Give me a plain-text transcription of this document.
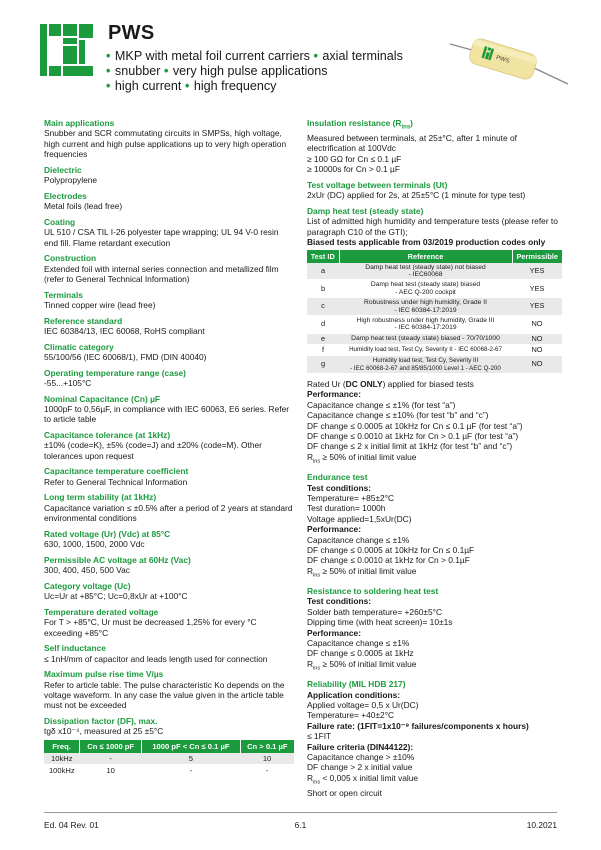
PWS
• MKP with metal foil current carriers • axial terminals
• snubber • very high pulse applications
• high current • high frequency
PWS
Main applications
Snubber and SCR commutating circuits in SMPSs, high voltage, high current and high pulse applications up to very high operation frequencies
Dielectric
Polypropylene
Electrodes
Metal foils (lead free)
Coating
UL 510 / CSA TIL I-26 polyester tape wrapping; UL 94 V-0 resin end fill. Flame retardant execution
Construction
Extended foil with internal series connection and metallized film (refer to General Technical Information)
Terminals
Tinned copper wire (lead free)
Reference standard
IEC 60384/13, IEC 60068, RoHS compliant
Climatic category
55/100/56 (IEC 60068/1), FMD (DIN 40040)
Operating temperature range (case)
-55...+105°C
Nominal Capacitance (Cn) µF
1000pF to 0,56µF, in compliance with IEC 60063, E6 series. Refer to article table
Capacitance tolerance (at 1kHz)
±10% (code=K), ±5% (code=J) and ±20% (code=M). Other tolerances upon request
Capacitance temperature coefficient
Refer to General Technical Information
Long term stability (at 1kHz)
Capacitance variation ≤ ±0.5% after a period of 2 years at standard environmental conditions
Rated voltage (Ur) (Vdc) at 85°C
630, 1000, 1500, 2000 Vdc
Permissible AC voltage at 60Hz (Vac)
300, 400, 450, 500 Vac
Category voltage (Uc)
Uc=Ur at +85°C; Uc=0,8xUr at +100°C
Temperature derated voltage
For T > +85°C, Ur must be decreased 1,25% for every °C exceeding +85°C
Self inductance
≤ 1nH/mm of capacitor and leads length used for connection
Maximum pulse rise time V/µs
Refer to article table. The pulse characteristic Ko depends on the voltage waveform. In any case the value given in the article table must not be exceeded
Dissipation factor (DF), max.
tgδ x10⁻⁴, measured at 25 ±5°C
Freq.	Cn ≤ 1000 pF	1000 pF < Cn ≤ 0.1 µF	Cn > 0.1 µF
10kHz	-	5	10
100kHz	10	-	-
Insulation resistance $(R_{ins})$
Measured between terminals, at 25±°C, after 1 minute of electrification at 100Vdc
≥ 100 GΩ for Cn ≤ 0.1 µF
≥ 10000s for Cn > 0.1 µF
Test voltage between terminals (Ut)
2xUr (DC) applied for 2s, at 25±5°C (1 minute for type test)
Damp heat test (steady state)
List of admitted high humidity and temperature tests (please refer to paragraph C10 of the GTI);
Biased tests applicable from 03/2019 production codes only
Test ID	Reference	Permissible
a	Damp heat test (steady state) not biased
- IEC60068	YES
b	Damp heat test (steady state) biased
- AEC Q-200 cockpit	YES
c	Robustness under high humidity, Grade II
- IEC 60384-17:2019	YES
d	High robustness under high humidity, Grade III
- IEC 60384-17:2019	NO
e	Damp heat test (steady state) biased - 70/70/1000	NO
f	Humidity load test, Test Cy, Severity II - IEC 60068-2-67	NO
g	Humidity load test, Test Cy, Severity III
- IEC 60068-2-67 and 85/85/1000 Level 1 - AEC Q-200	NO
Rated Ur (DC ONLY) applied for biased tests
Performance:
Capacitance change ≤ ±1% (for test “a”)
Capacitance change ≤ ±10% (for test “b” and “c”)
DF change ≤ 0.0005 at 10kHz for Cn ≤ 0.1 µF (for test “a”)
DF change ≤ 0.0010 at 1kHz for Cn > 0.1 µF (for test “a”)
DF change ≤ 2 x initial limit at 1kHz (for test “b” and “c”)
$R_{ins} \ge 50\%$ of initial limit value
Endurance test
Test conditions:
Temperature= +85±2°C
Test duration= 1000h
Voltage applied=1,5xUr(DC)
Performance:
Capacitance change ≤ ±1%
DF change ≤ 0.0005 at 10kHz for Cn ≤ 0.1µF
DF change ≤ 0.0010 at 1kHz for Cn > 0.1µF
$R_{ins} \ge 50\%$ of initial limit value
Resistance to soldering heat test
Test conditions:
Solder bath temperature= +260±5°C
Dipping time (with heat screen)= 10±1s
Performance:
Capacitance change ≤ ±1%
DF change ≤ 0.0005 at 1kHz
$R_{ins} \ge 50\%$ of initial limit value
Reliability (MIL HDB 217)
Application conditions:
Applied voltage= 0,5 x Ur(DC)
Temperature= +40±2°C
Failure rate: (1FIT=1x10⁻⁹ failures/components x hours)
≤ 1FIT
Failure criteria (DIN44122):
Capacitance change > ±10%
DF change > 2 x initial value
$R_{ins} < 0,005$ x initial limit value
Short or open circuit
Ed. 04 Rev. 01	6.1	10.2021
